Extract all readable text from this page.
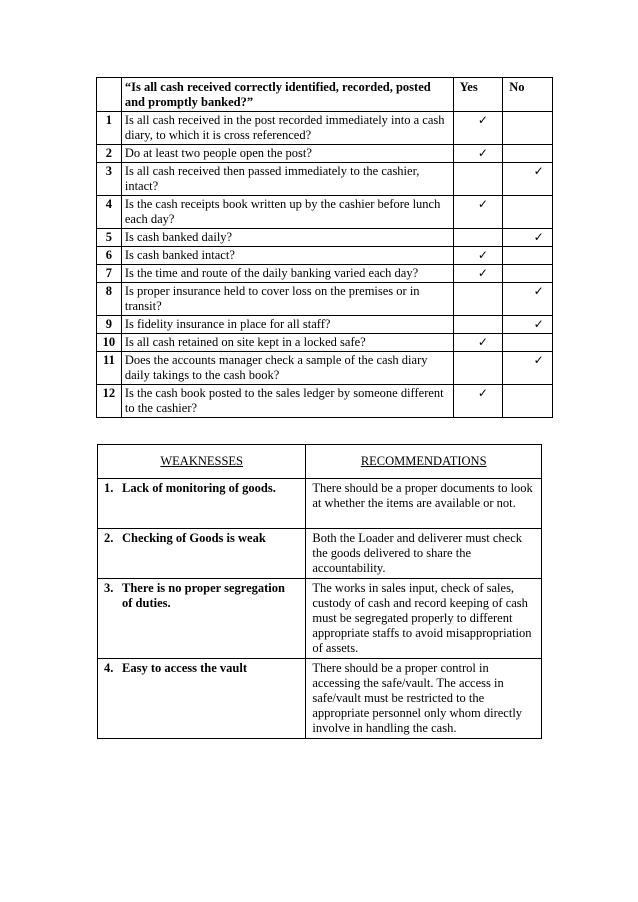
	“Is all cash received correctly identified, recorded, posted and promptly banked?”	Yes	No
1	Is all cash received in the post recorded immediately into a cash diary, to which it is cross referenced?	✓	
2	Do at least two people open the post?	✓	
3	Is all cash received then passed immediately to the cashier, intact?		✓
4	Is the cash receipts book written up by the cashier before lunch each day?	✓	
5	Is cash banked daily?		✓
6	Is cash banked intact?	✓	
7	Is the time and route of the daily banking varied each day?	✓	
8	Is proper insurance held to cover loss on the premises or in transit?		✓
9	Is fidelity insurance in place for all staff?		✓
10	Is all cash retained on site kept in a locked safe?	✓	
11	Does the accounts manager check a sample of the cash diary daily takings to the cash book?		✓
12	Is the cash book posted to the sales ledger by someone different to the cashier?	✓	
WEAKNESSES	RECOMMENDATIONS
1. Lack of monitoring of goods.	There should be a proper documents to look at whether the items are available or not.
2. Checking of Goods is weak	Both the Loader and deliverer must check the goods delivered to share the accountability.
3. There is no proper segregation of duties.	The works in sales input, check of sales, custody of cash and record keeping of cash must be segregated properly to different appropriate staffs to avoid misappropriation of assets.
4. Easy to access the vault	There should be a proper control in accessing the safe/vault. The access in safe/vault must be restricted to the appropriate personnel only whom directly involve in handling the cash.
